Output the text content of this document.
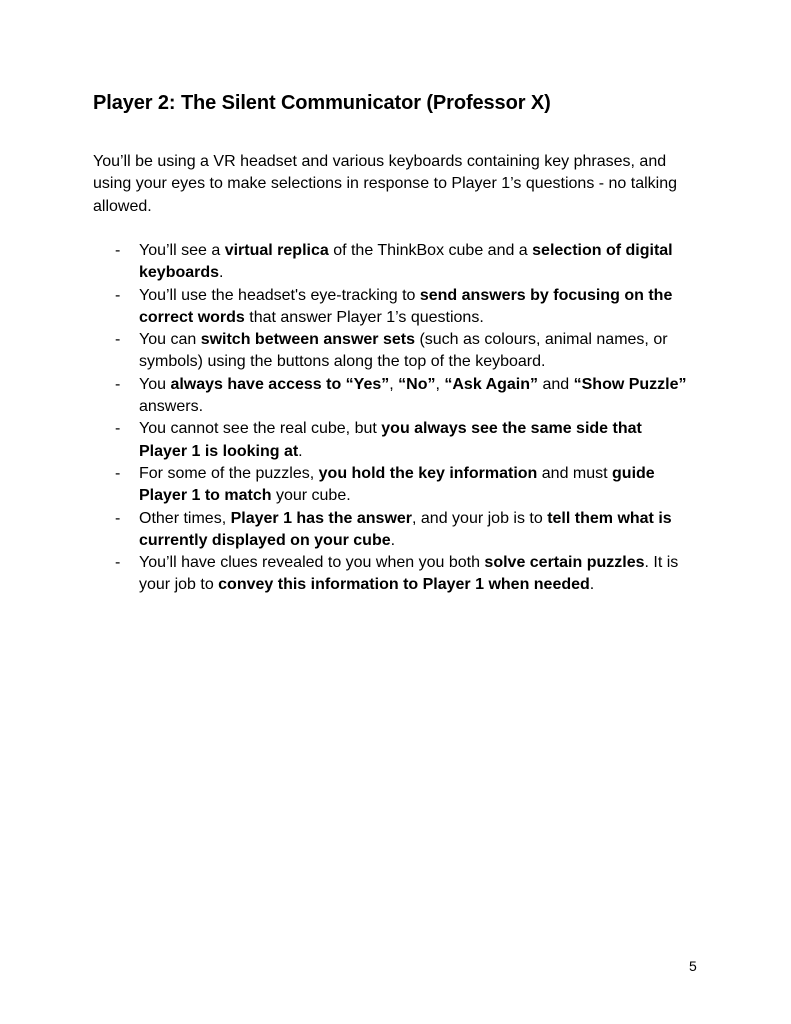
Player 2: The Silent Communicator (Professor X)

You’ll be using a VR headset and various keyboards containing key phrases, and using your eyes to make selections in response to Player 1’s questions - no talking allowed.

-	You’ll see a virtual replica of the ThinkBox cube and a selection of digital keyboards.
-	You’ll use the headset's eye-tracking to send answers by focusing on the correct words that answer Player 1’s questions.
-	You can switch between answer sets (such as colours, animal names, or symbols) using the buttons along the top of the keyboard.
-	You always have access to “Yes”, “No”, “Ask Again” and “Show Puzzle” answers.
-	You cannot see the real cube, but you always see the same side that Player 1 is looking at.
-	For some of the puzzles, you hold the key information and must guide Player 1 to match your cube.
-	Other times, Player 1 has the answer, and your job is to tell them what is currently displayed on your cube.
-	You’ll have clues revealed to you when you both solve certain puzzles. It is your job to convey this information to Player 1 when needed.
5
